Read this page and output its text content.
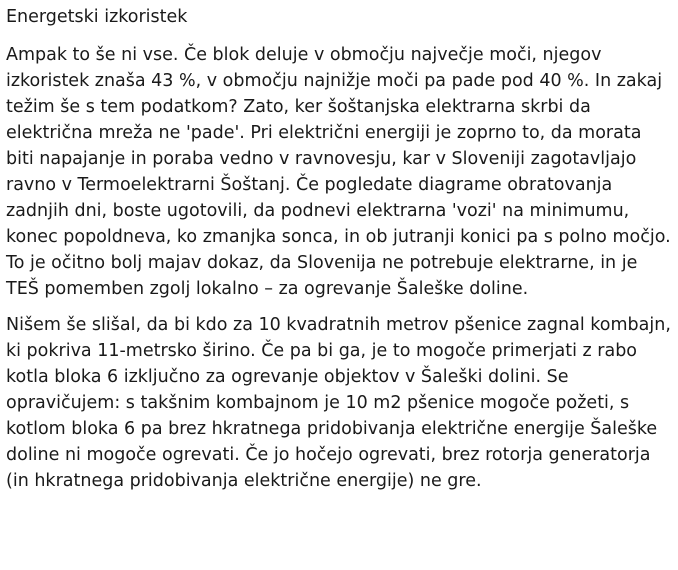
Energetski izkoristek

Ampak to še ni vse. Če blok deluje v območju največje moči, njegov izkoristek znaša 43 %, v območju najnižje moči pa pade pod 40 %. In zakaj težim še s tem podatkom? Zato, ker šoštanjska elektrarna skrbi da električna mreža ne 'pade'. Pri električni energiji je zoprno to, da morata biti napajanje in poraba vedno v ravnovesju, kar v Sloveniji zagotavljajo ravno v Termoelektrarni Šoštanj. Če pogledate diagrame obratovanja zadnjih dni, boste ugotovili, da podnevi elektrarna 'vozi' na minimumu, konec popoldneva, ko zmanjka sonca, in ob jutranji konici pa s polno močjo. To je očitno bolj majav dokaz, da Slovenija ne potrebuje elektrarne, in je TEŠ pomemben zgolj lokalno – za ogrevanje Šaleške doline.

Nišem še slišal, da bi kdo za 10 kvadratnih metrov pšenice zagnal kombajn, ki pokriva 11-metrsko širino. Če pa bi ga, je to mogoče primerjati z rabo kotla bloka 6 izključno za ogrevanje objektov v Šaleški dolini. Se opravičujem: s takšnim kombajnom je 10 m2 pšenice mogoče požeti, s kotlom bloka 6 pa brez hkratnega pridobivanja električne energije Šaleške doline ni mogoče ogrevati. Če jo hočejo ogrevati, brez rotorja generatorja (in hkratnega pridobivanja električne energije) ne gre.
